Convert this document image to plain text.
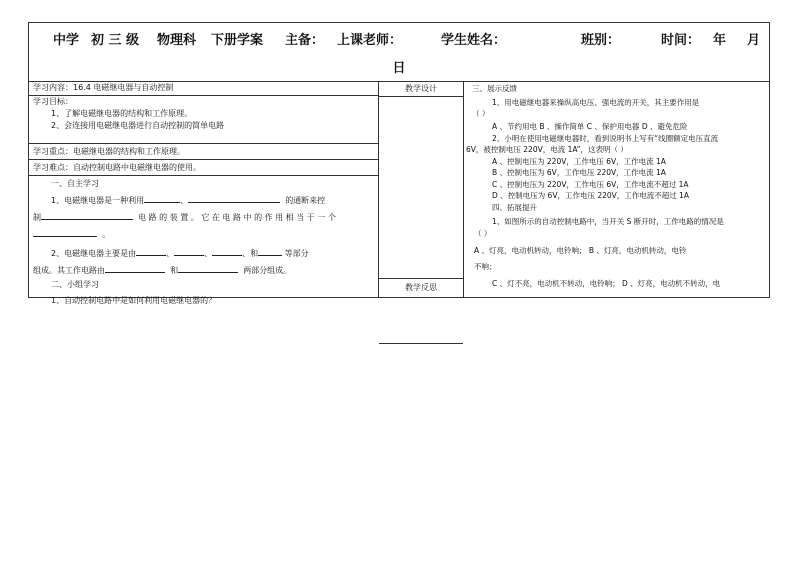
中学 初 三 级 物理科 下册学案 主备： 上课老师：	学生姓名：	班别：	时间： 年 月
日
学习内容：16.4 电磁继电器与自动控制
学习目标：
1、了解电磁继电器的结构和工作原理。
2、会连接用电磁继电器进行自动控制的简单电路
学习重点：电磁继电器的结构和工作原理。
学习难点：自动控制电路中电磁继电器的使用。
一、自主学习
1、电磁继电器是一种利用	、	的通断来控
制	电 路 的 装 置 。 它 在 电 路 中 的 作 用 相 当 于 一 个
。
2、电磁继电器主要是由	、	、	、和	等部分
组成。其工作电路由	和	两部分组成。
二、小组学习
1、自动控制电路中是如何利用电磁继电器的？
教学设计
教学反思
三、展示反馈
1、用电磁继电器来操纵高电压、强电流的开关，其主要作用是
（ ）
A 、节约用电 B 、操作简单 C 、保护用电器 D 、避免危险
2、小明在使用电磁继电器时，看到说明书上写有“线圈额定电压直流
6V，被控制电压 220V，电流 1A”，这表明（ ）
A 、控制电压为 220V，工作电压 6V，工作电流 1A
B 、控制电压为 6V，工作电压 220V，工作电流 1A
C 、控制电压为 220V，工作电压 6V，工作电流不超过 1A
D 、控制电压为 6V，工作电压 220V，工作电流不超过 1A
四、拓展提升
1、如图所示的自动控制电路中，当开关 S 断开时，工作电路的情况是
（ ）
A 、灯亮，电动机转动，电铃响； B 、灯亮，电动机转动，电铃
不响；
C 、灯不亮，电动机不转动，电铃响； D 、灯亮，电动机不转动，电
